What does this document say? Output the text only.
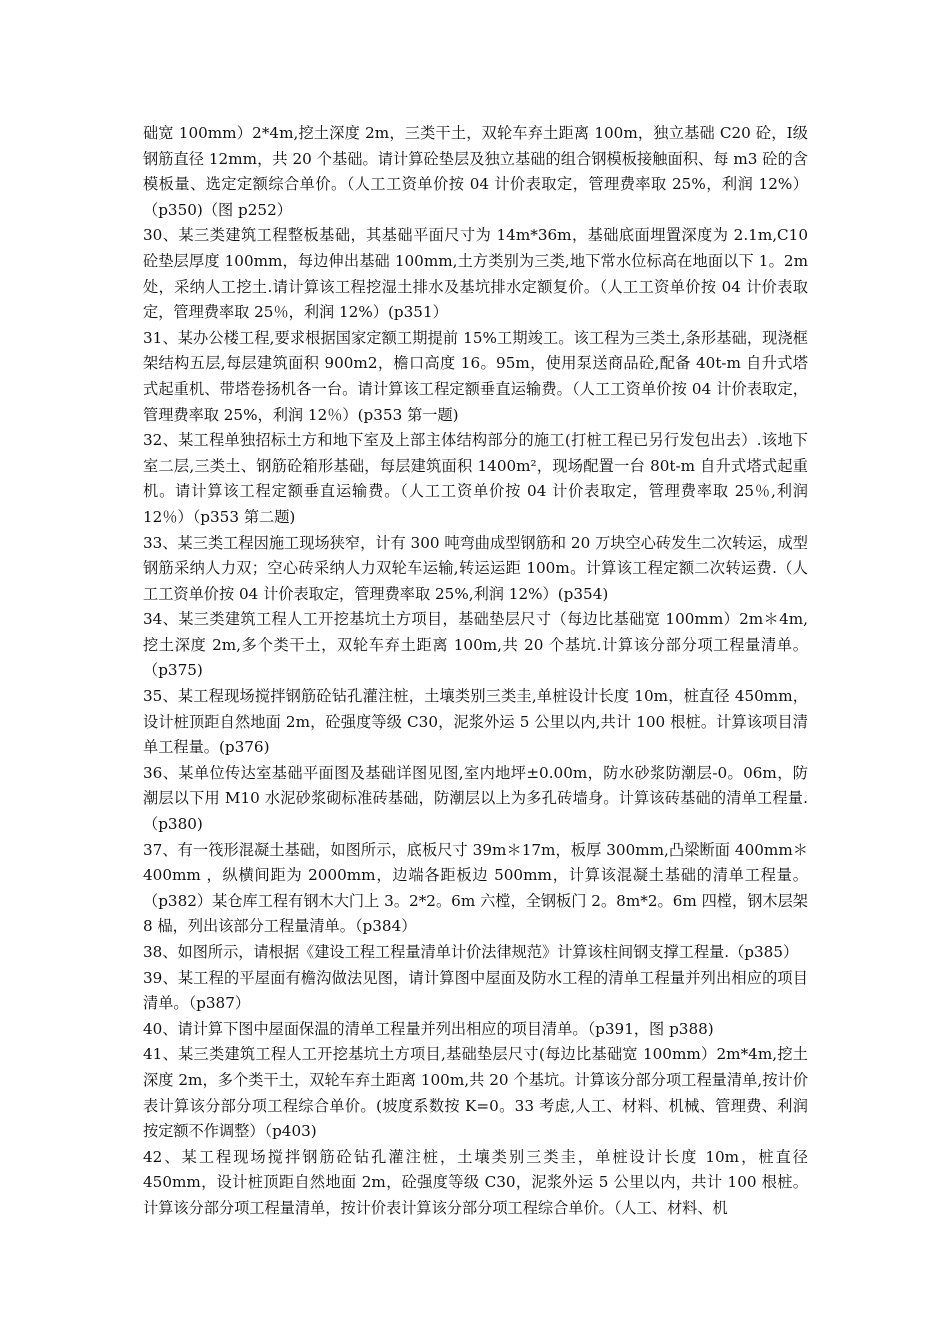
础宽 100mm）2*4m,挖土深度 2m，三类干土，双轮车弃土距离 100m，独立基础 C20 砼，Ⅰ级钢筋直径 12mm，共 20 个基础。请计算砼垫层及独立基础的组合钢模板接触面积、每 m3 砼的含模板量、选定定额综合单价。（人工工资单价按 04 计价表取定，管理费率取 25%，利润 12%）（p350)（图 p252）

30、某三类建筑工程整板基础，其基础平面尺寸为 14m*36m，基础底面埋置深度为 2.1m,C10 砼垫层厚度 100mm，每边伸出基础 100mm,土方类别为三类,地下常水位标高在地面以下 1。2m 处，采纳人工挖土.请计算该工程挖湿土排水及基坑排水定额复价。（人工工资单价按 04 计价表取定，管理费率取 25％，利润 12%）(p351）

31、某办公楼工程,要求根据国家定额工期提前 15%工期竣工。该工程为三类土,条形基础，现浇框架结构五层,每层建筑面积 900m2，檐口高度 16。95m，使用泵送商品砼,配备 40t-m 自升式塔式起重机、带塔卷扬机各一台。请计算该工程定额垂直运输费。（人工工资单价按 04 计价表取定，管理费率取 25%，利润 12％）(p353 第一题)

32、某工程单独招标土方和地下室及上部主体结构部分的施工(打桩工程已另行发包出去）.该地下室二层,三类土、钢筋砼箱形基础，每层建筑面积 1400m²，现场配置一台 80t-m 自升式塔式起重机。请计算该工程定额垂直运输费。（人工工资单价按 04 计价表取定，管理费率取 25％,利润 12％）（p353 第二题)

33、某三类工程因施工现场狭窄，计有 300 吨弯曲成型钢筋和 20 万块空心砖发生二次转运，成型钢筋采纳人力双；空心砖采纳人力双轮车运输,转运运距 100m。计算该工程定额二次转运费.（人工工资单价按 04 计价表取定，管理费率取 25%,利润 12%）(p354)

34、某三类建筑工程人工开挖基坑土方项目，基础垫层尺寸（每边比基础宽 100mm）2m＊4m,挖土深度 2m,多个类干土，双轮车弃土距离 100m,共 20 个基坑.计算该分部分项工程量清单。（p375)

35、某工程现场搅拌钢筋砼钻孔灌注桩，土壤类别三类圭,单桩设计长度 10m，桩直径 450mm，设计桩顶距自然地面 2m，砼强度等级 C30，泥浆外运 5 公里以内,共计 100 根桩。计算该项目清单工程量。(p376)

36、某单位传达室基础平面图及基础详图见图,室内地坪±0.00m，防水砂浆防潮层-0。06m，防潮层以下用 M10 水泥砂浆砌标准砖基础，防潮层以上为多孔砖墙身。计算该砖基础的清单工程量.（p380)

37、有一筏形混凝土基础，如图所示，底板尺寸 39m＊17m，板厚 300mm,凸梁断面 400mm＊400mm ，纵横间距为 2000mm，边端各距板边 500mm，计算该混凝土基础的清单工程量。（p382）某仓库工程有钢木大门上 3。2*2。6m 六樘，全钢板门 2。8m*2。6m 四樘，钢木层架 8 榀，列出该部分工程量清单。（p384）

38、如图所示，请根据《建设工程工程量清单计价法律规范》计算该柱间钢支撑工程量.（p385）

39、某工程的平屋面有檐沟做法见图，请计算图中屋面及防水工程的清单工程量并列出相应的项目清单。（p387）

40、请计算下图中屋面保温的清单工程量并列出相应的项目清单。（p391，图 p388)

41、某三类建筑工程人工开挖基坑土方项目,基础垫层尺寸(每边比基础宽 100mm）2m*4m,挖土深度 2m，多个类干土，双轮车弃土距离 100m,共 20 个基坑。计算该分部分项工程量清单,按计价表计算该分部分项工程综合单价。(坡度系数按 K=0。33 考虑,人工、材料、机械、管理费、利润按定额不作调整）（p403)

42、某工程现场搅拌钢筋砼钻孔灌注桩，土壤类别三类圭，单桩设计长度 10m，桩直径 450mm，设计桩顶距自然地面 2m，砼强度等级 C30，泥浆外运 5 公里以内，共计 100 根桩。计算该分部分项工程量清单，按计价表计算该分部分项工程综合单价。（人工、材料、机
